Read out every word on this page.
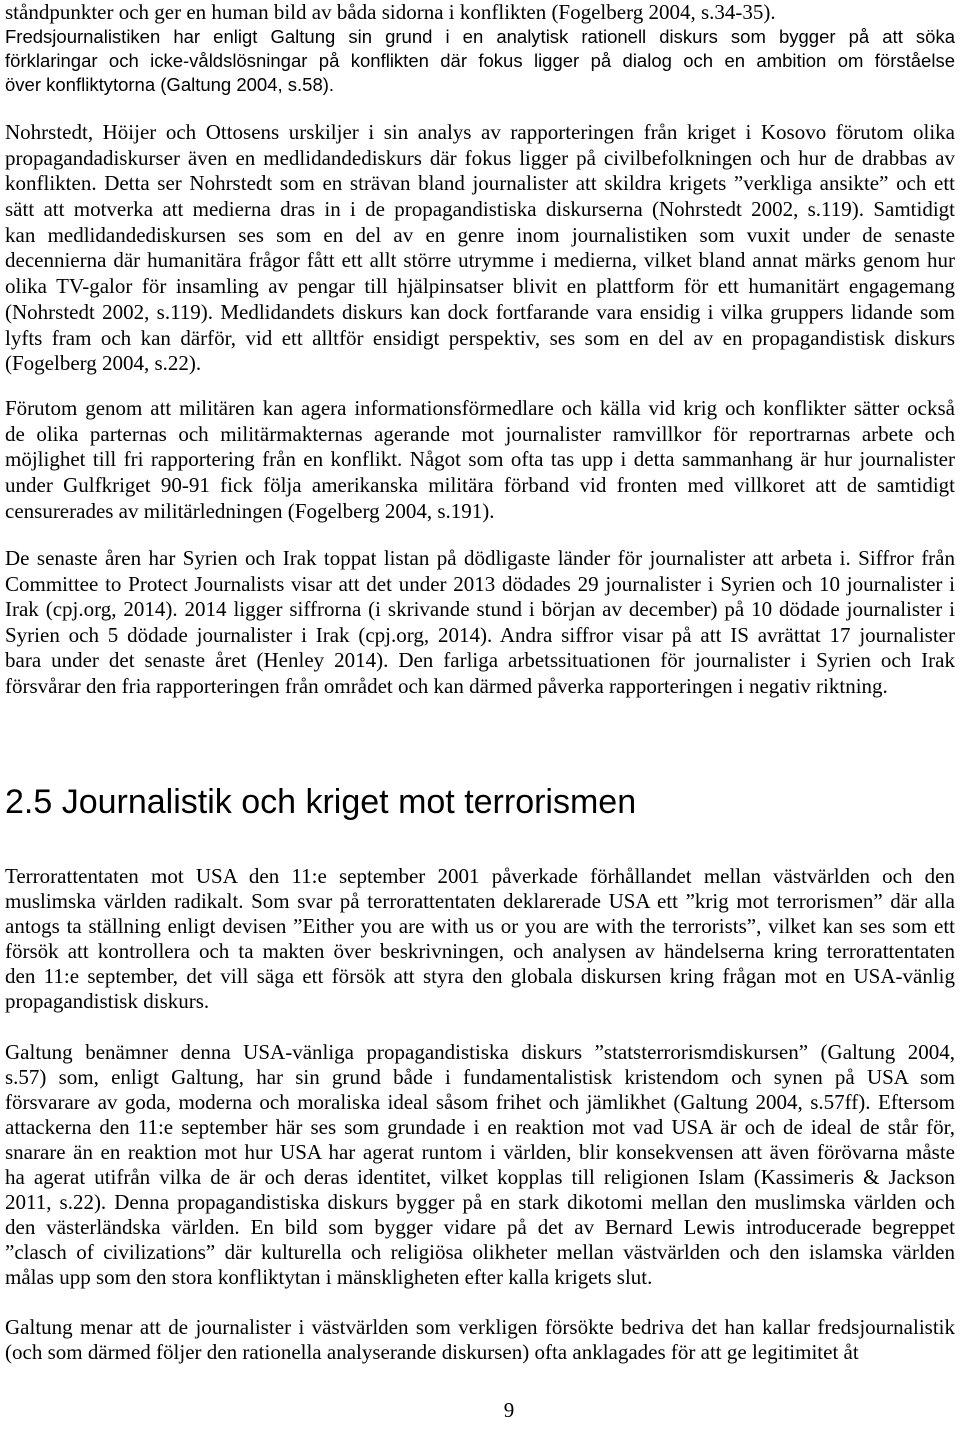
ståndpunkter och ger en human bild av båda sidorna i konflikten (Fogelberg 2004, s.34-35).
Fredsjournalistiken har enligt Galtung sin grund i en analytisk rationell diskurs som bygger på att söka
förklaringar och icke-våldslösningar på konflikten där fokus ligger på dialog och en ambition om förståelse
över konfliktytorna (Galtung 2004, s.58).
Nohrstedt, Höijer och Ottosens urskiljer i sin analys av rapporteringen från kriget i Kosovo förutom olika
propagandadiskurser även en medlidandediskurs där fokus ligger på civilbefolkningen och hur de drabbas av
konflikten. Detta ser Nohrstedt som en strävan bland journalister att skildra krigets ”verkliga ansikte” och ett
sätt att motverka att medierna dras in i de propagandistiska diskurserna (Nohrstedt 2002, s.119). Samtidigt
kan medlidandediskursen ses som en del av en genre inom journalistiken som vuxit under de senaste
decennierna där humanitära frågor fått ett allt större utrymme i medierna, vilket bland annat märks genom hur
olika TV-galor för insamling av pengar till hjälpinsatser blivit en plattform för ett humanitärt engagemang
(Nohrstedt 2002, s.119). Medlidandets diskurs kan dock fortfarande vara ensidig i vilka gruppers lidande som
lyfts fram och kan därför, vid ett alltför ensidigt perspektiv, ses som en del av en propagandistisk diskurs
(Fogelberg 2004, s.22).
Förutom genom att militären kan agera informationsförmedlare och källa vid krig och konflikter sätter också
de olika parternas och militärmakternas agerande mot journalister ramvillkor för reportrarnas arbete och
möjlighet till fri rapportering från en konflikt. Något som ofta tas upp i detta sammanhang är hur journalister
under Gulfkriget 90-91 fick följa amerikanska militära förband vid fronten med villkoret att de samtidigt
censurerades av militärledningen (Fogelberg 2004, s.191).
De senaste åren har Syrien och Irak toppat listan på dödligaste länder för journalister att arbeta i. Siffror från
Committee to Protect Journalists visar att det under 2013 dödades 29 journalister i Syrien och 10 journalister i
Irak (cpj.org, 2014). 2014 ligger siffrorna (i skrivande stund i början av december) på 10 dödade journalister i
Syrien och 5 dödade journalister i Irak (cpj.org, 2014). Andra siffror visar på att IS avrättat 17 journalister
bara under det senaste året (Henley 2014). Den farliga arbetssituationen för journalister i Syrien och Irak
försvårar den fria rapporteringen från området och kan därmed påverka rapporteringen i negativ riktning.
2.5 Journalistik och kriget mot terrorismen
Terrorattentaten mot USA den 11:e september 2001 påverkade förhållandet mellan västvärlden och den
muslimska världen radikalt. Som svar på terrorattentaten deklarerade USA ett ”krig mot terrorismen” där alla
antogs ta ställning enligt devisen ”Either you are with us or you are with the terrorists”, vilket kan ses som ett
försök att kontrollera och ta makten över beskrivningen, och analysen av händelserna kring terrorattentaten
den 11:e september, det vill säga ett försök att styra den globala diskursen kring frågan mot en USA-vänlig
propagandistisk diskurs.
Galtung benämner denna USA-vänliga propagandistiska diskurs ”statsterrorismdiskursen” (Galtung 2004,
s.57) som, enligt Galtung, har sin grund både i fundamentalistisk kristendom och synen på USA som
försvarare av goda, moderna och moraliska ideal såsom frihet och jämlikhet (Galtung 2004, s.57ff). Eftersom
attackerna den 11:e september här ses som grundade i en reaktion mot vad USA är och de ideal de står för,
snarare än en reaktion mot hur USA har agerat runtom i världen, blir konsekvensen att även förövarna måste
ha agerat utifrån vilka de är och deras identitet, vilket kopplas till religionen Islam (Kassimeris & Jackson
2011, s.22). Denna propagandistiska diskurs bygger på en stark dikotomi mellan den muslimska världen och
den västerländska världen. En bild som bygger vidare på det av Bernard Lewis introducerade begreppet
”clasch of civilizations” där kulturella och religiösa olikheter mellan västvärlden och den islamska världen
målas upp som den stora konfliktytan i mänskligheten efter kalla krigets slut.
Galtung menar att de journalister i västvärlden som verkligen försökte bedriva det han kallar fredsjournalistik
(och som därmed följer den rationella analyserande diskursen) ofta anklagades för att ge legitimitet åt
9
